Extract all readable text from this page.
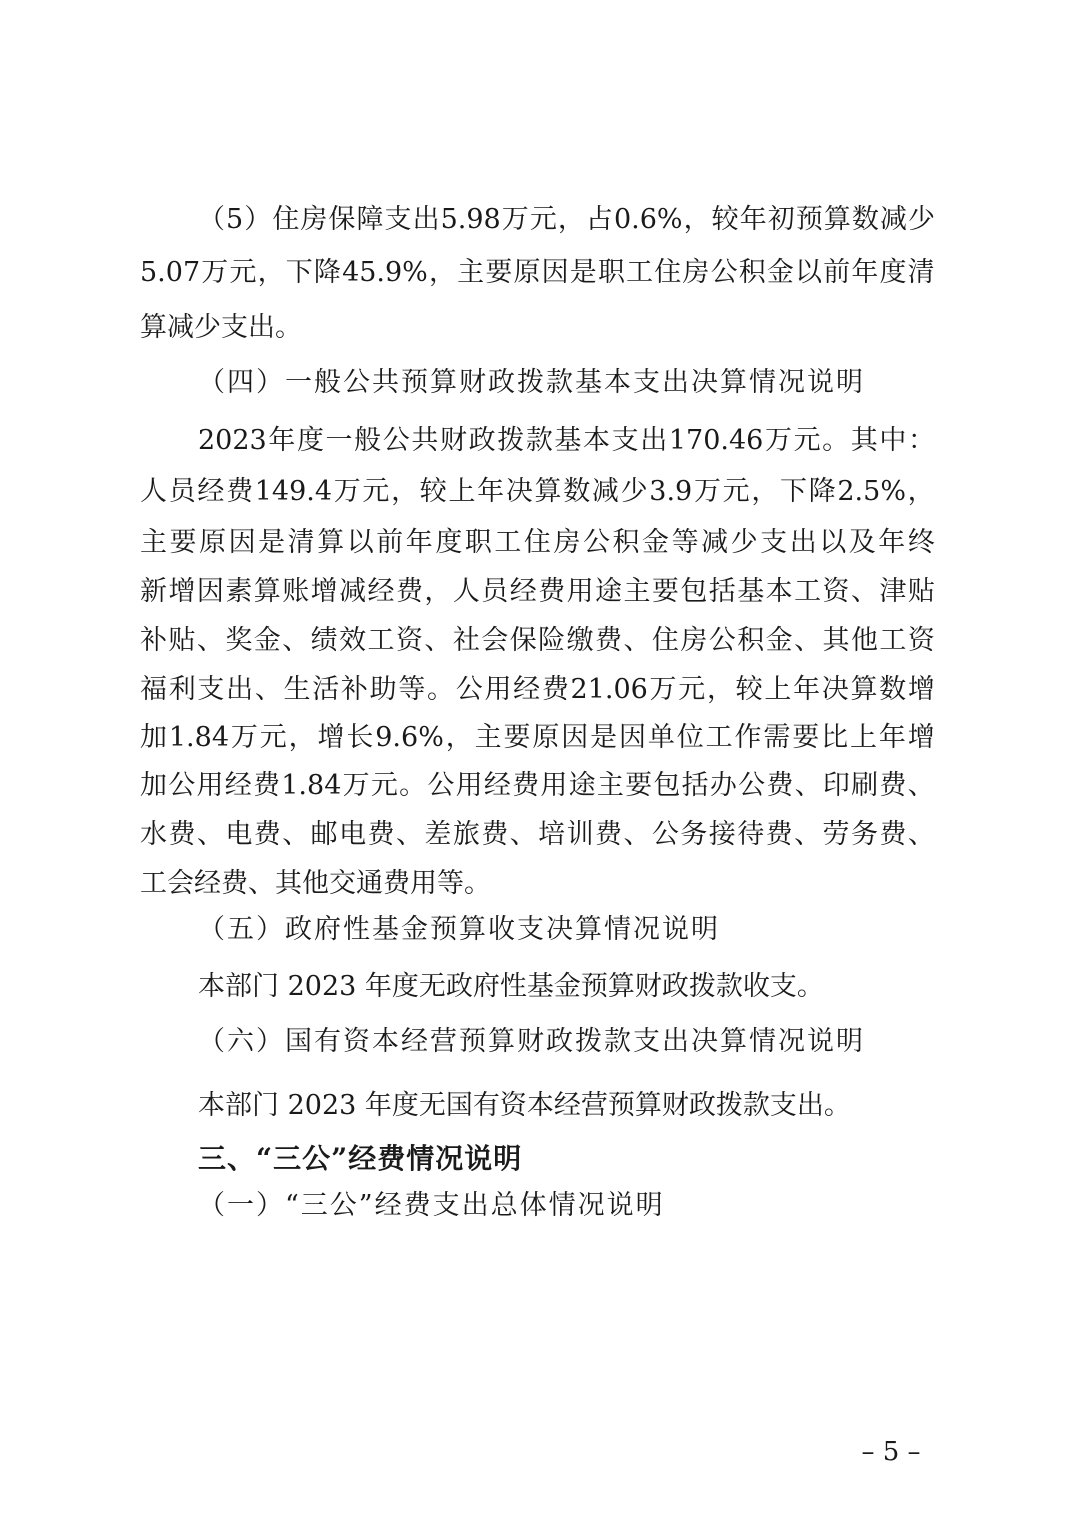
（ 5 ） 住 房 保 障 支 出 5.98 万 元 ， 占 0.6% ， 较 年 初 预 算 数 减 少
5.07 万 元 ， 下 降 45.9% ， 主 要 原 因 是 职 工 住 房 公 积 金 以 前 年 度 清
算减少支出。
（四）一般公共预算财政拨款基本支出决算情况说明
2023 年 度 一 般 公 共 财 政 拨 款 基 本 支 出 170.46 万 元 。 其 中 ：
人 员 经 费 149.4 万 元 ， 较 上 年 决 算 数 减 少 3.9 万 元 ， 下 降 2.5% ，
主 要 原 因 是 清 算 以 前 年 度 职 工 住 房 公 积 金 等 减 少 支 出 以 及 年 终
新 增 因 素 算 账 增 减 经 费 ， 人 员 经 费 用 途 主 要 包 括 基 本 工 资 、 津 贴
补 贴 、 奖 金 、 绩 效 工 资 、 社 会 保 险 缴 费 、 住 房 公 积 金 、 其 他 工 资
福 利 支 出 、 生 活 补 助 等 。 公 用 经 费 21.06 万 元 ， 较 上 年 决 算 数 增
加 1.84 万 元 ， 增 长 9.6% ， 主 要 原 因 是 因 单 位 工 作 需 要 比 上 年 增
加 公 用 经 费 1.84 万 元 。 公 用 经 费 用 途 主 要 包 括 办 公 费 、 印 刷 费 、
水 费 、 电 费 、 邮 电 费 、 差 旅 费 、 培 训 费 、 公 务 接 待 费 、 劳 务 费 、
工会经费、其他交通费用等。
（五）政府性基金预算收支决算情况说明
本部门 2023 年度无政府性基金预算财政拨款收支。
（六）国有资本经营预算财政拨款支出决算情况说明
本部门 2023 年度无国有资本经营预算财政拨款支出。
三、“三公”经费情况说明
（一）“三公”经费支出总体情况说明
– 5 –
